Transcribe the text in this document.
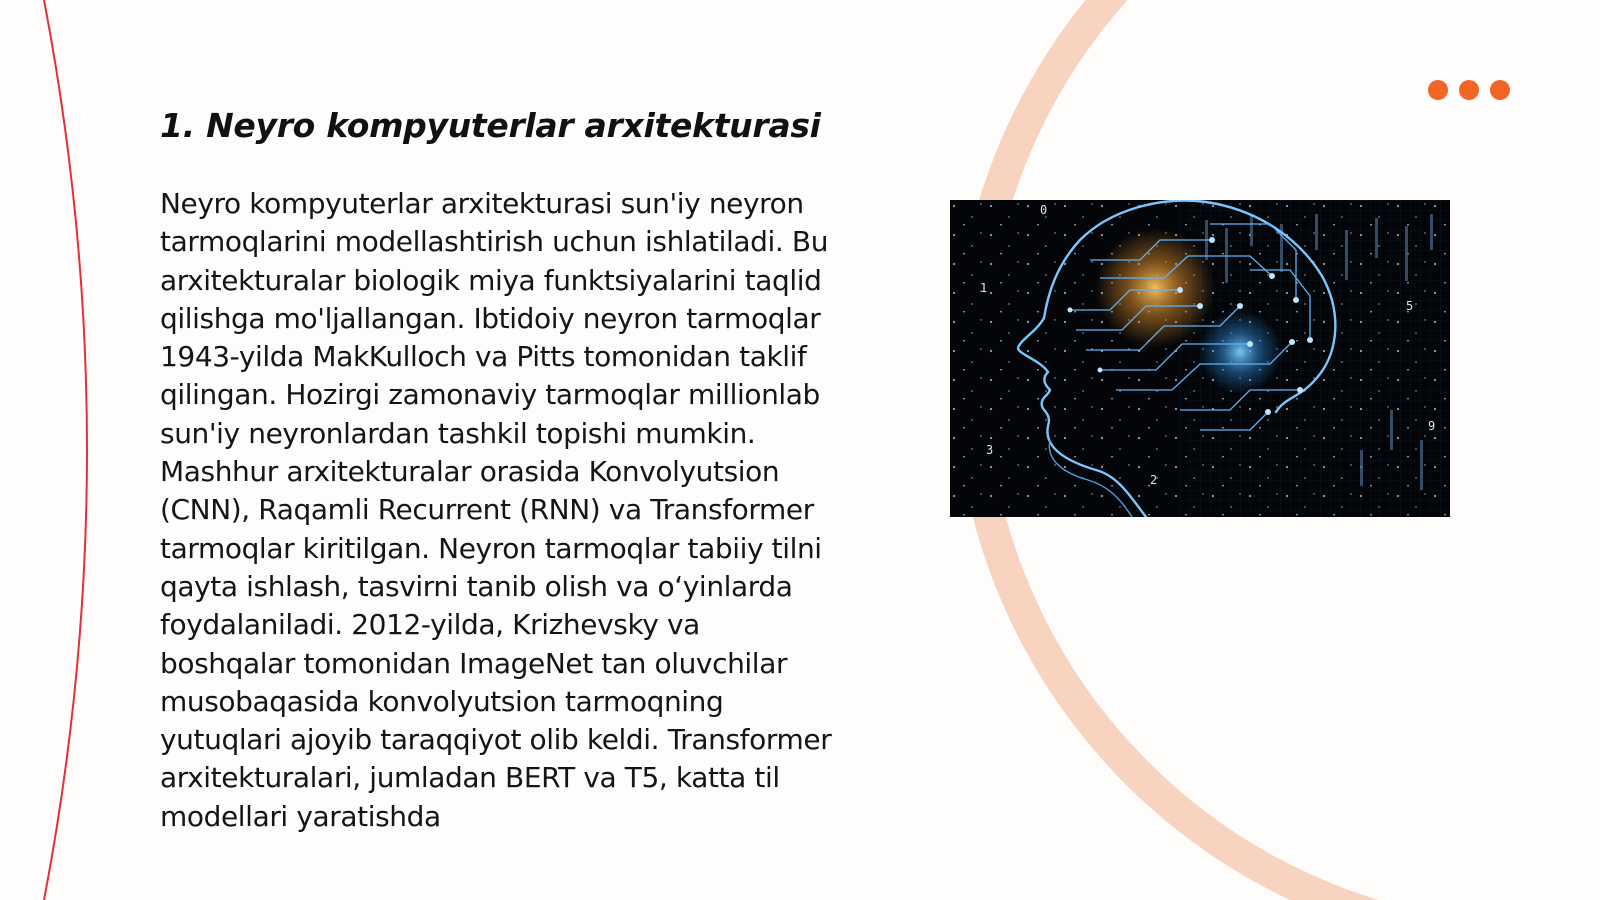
1. Neyro kompyuterlar arxitekturasi

Neyro kompyuterlar arxitekturasi sun'iy neyron tarmoqlarini modellashtirish uchun ishlatiladi. Bu arxitekturalar biologik miya funktsiyalarini taqlid qilishga mo'ljallangan. Ibtidoiy neyron tarmoqlar 1943-yilda MakKulloch va Pitts tomonidan taklif qilingan. Hozirgi zamonaviy tarmoqlar millionlab sun'iy neyronlardan tashkil topishi mumkin. Mashhur arxitekturalar orasida Konvolyutsion (CNN), Raqamli Recurrent (RNN) va Transformer tarmoqlar kiritilgan. Neyron tarmoqlar tabiiy tilni qayta ishlash, tasvirni tanib olish va o‘yinlarda foydalaniladi. 2012-yilda, Krizhevsky va boshqalar tomonidan ImageNet tan oluvchilar musobaqasida konvolyutsion tarmoqning yutuqlari ajoyib taraqqiyot olib keldi. Transformer arxitekturalari, jumladan BERT va T5, katta til modellari yaratishda

0
2
1
5
3
9
